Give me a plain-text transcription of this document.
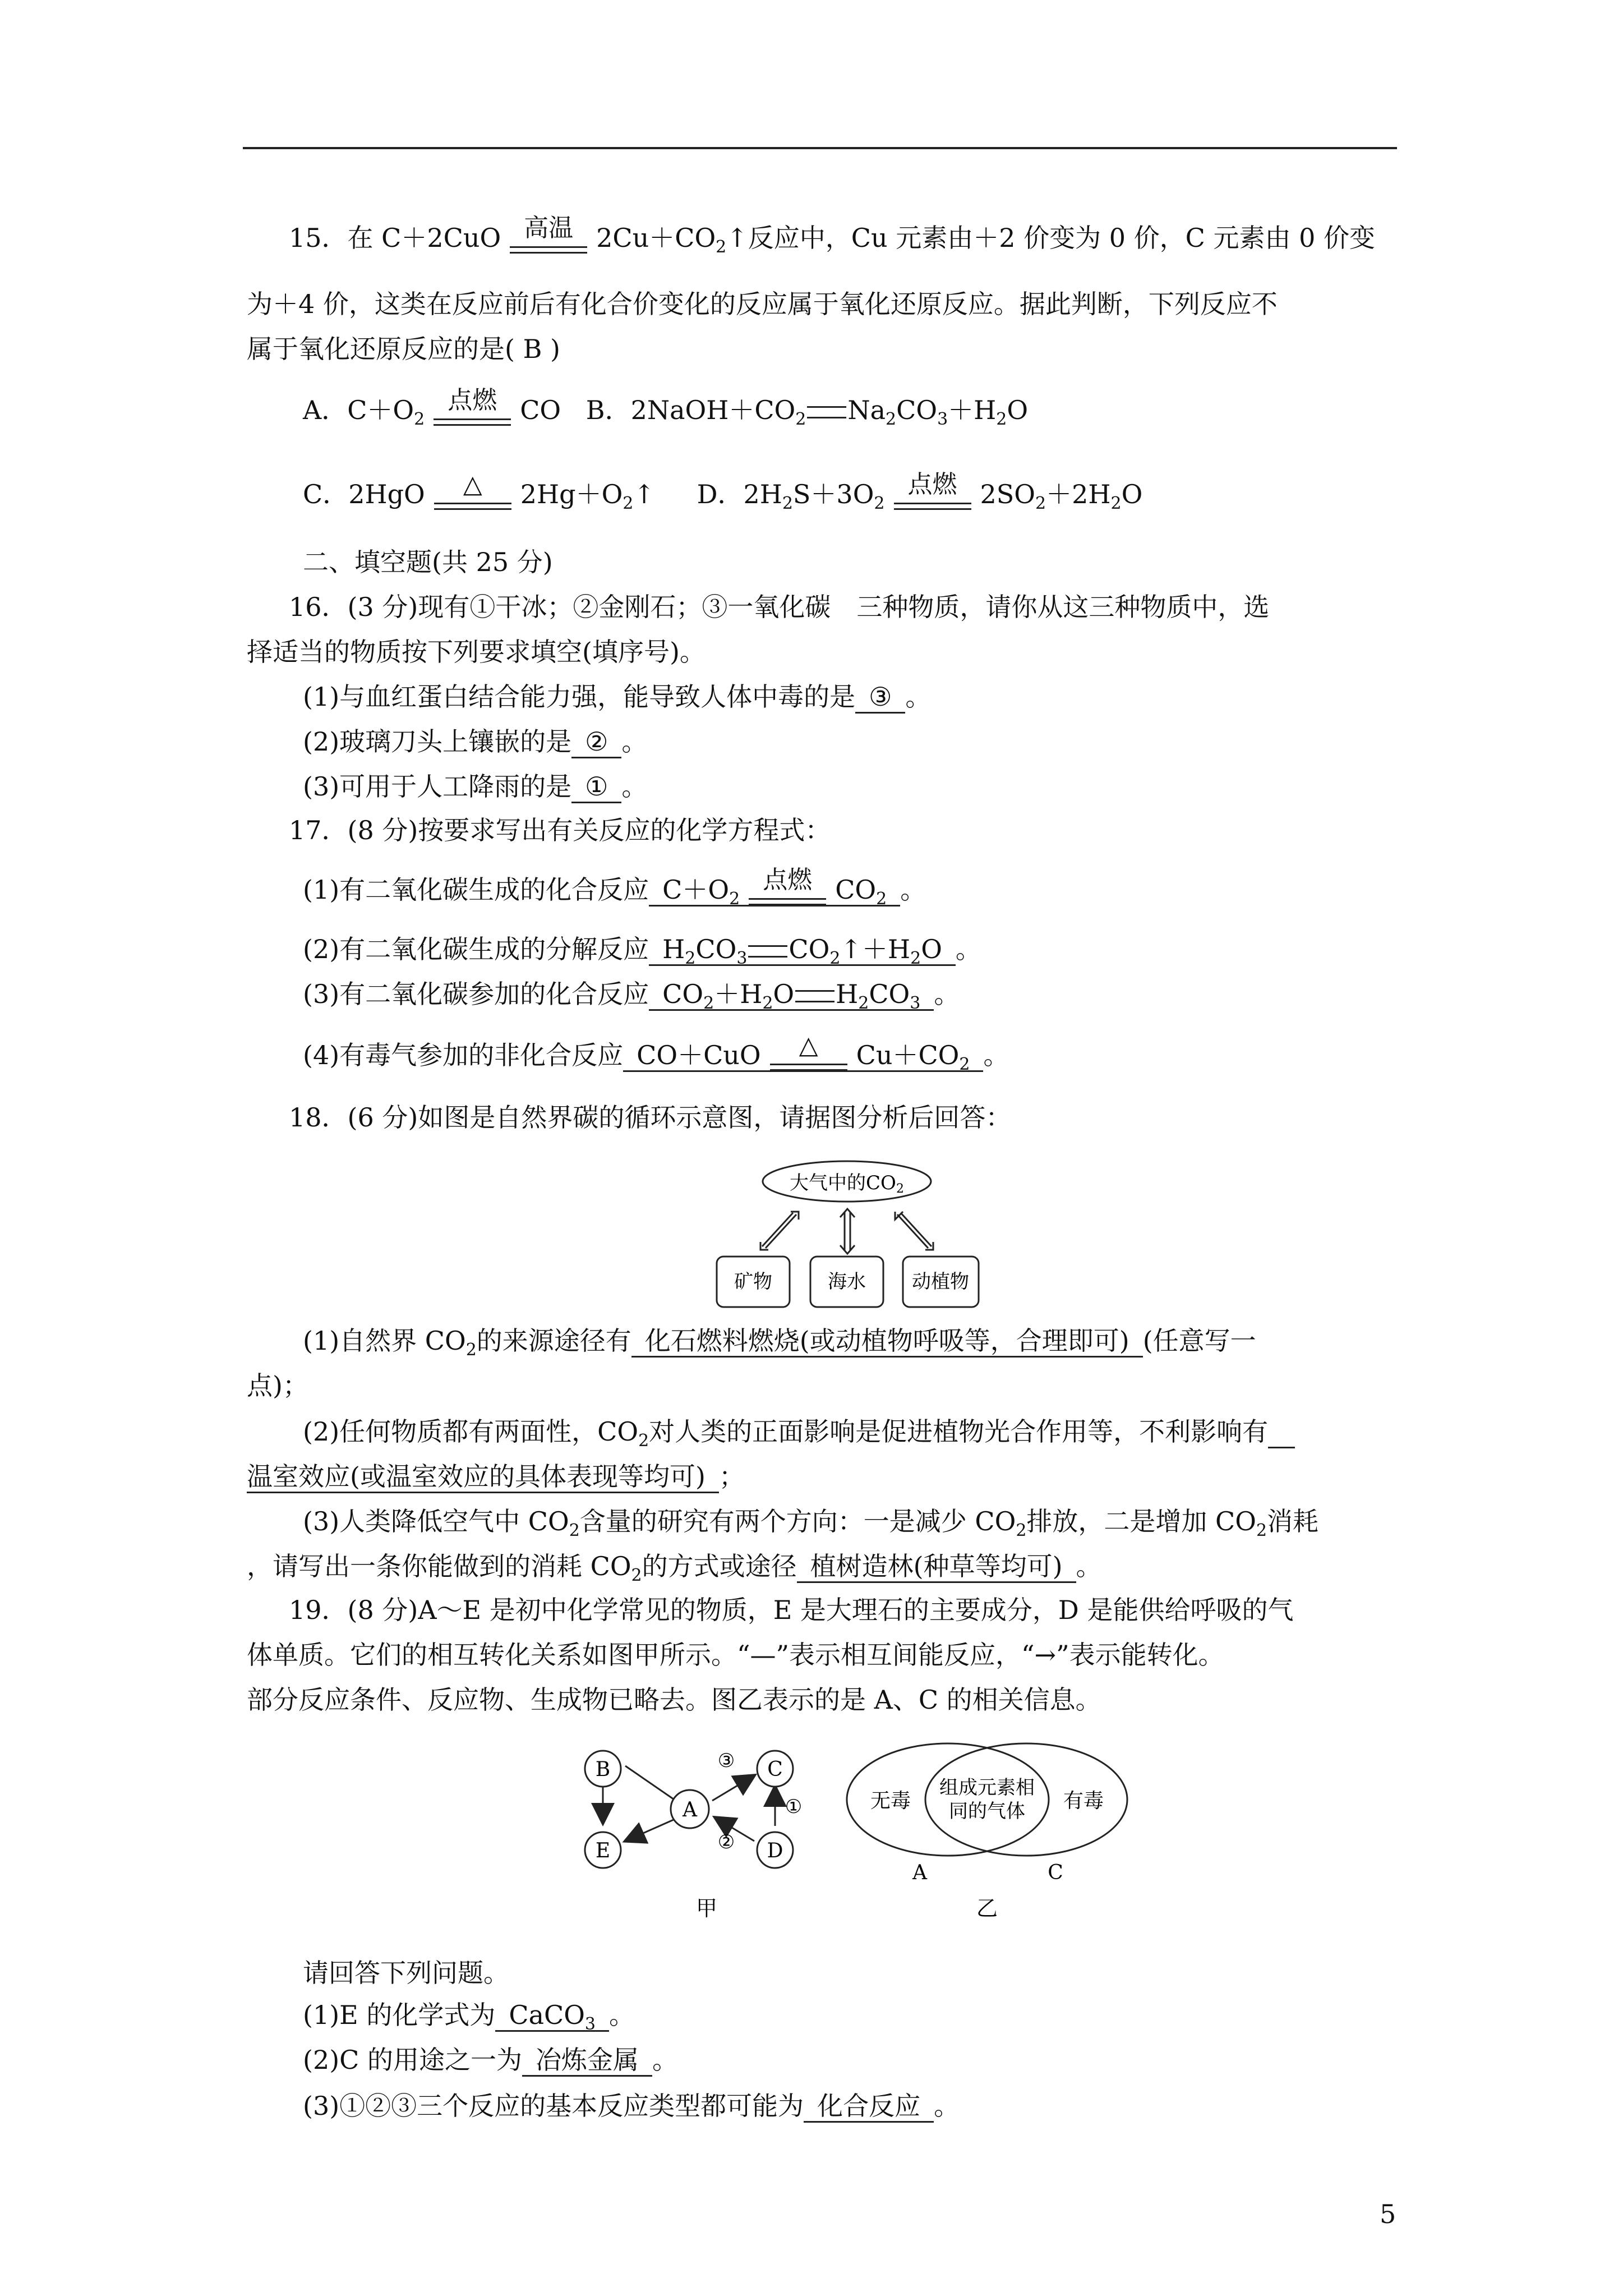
15．在 C＋2CuO 高温 $2Cu+CO_2↑$反应中，Cu 元素由＋2 价变为 0 价，C 元素由 0 价变
为＋4 价，这类在反应前后有化合价变化的反应属于氧化还原反应。据此判断，下列反应不
属于氧化还原反应的是( B )
A．$C+O_2$
点燃 CO B．$2NaOH+CO_2$ $Na_2CO_3+H_2O$
C．2HgO	△	$2Hg+O_2↑$ D．$2H_2S+3O_2$
点燃 $2SO_2+2H_2O$
二、填空题(共 25 分)
16．(3 分)现有①干冰；②金刚石；③一氧化碳　三种物质，请你从这三种物质中，选
择适当的物质按下列要求填空(填序号)。
(1)与血红蛋白结合能力强，能导致人体中毒的是 ③ 。
(2)玻璃刀头上镶嵌的是 ② 。
(3)可用于人工降雨的是 ① 。
17．(8 分)按要求写出有关反应的化学方程式：
(1)有二氧化碳生成的化合反应 $C+O_2$
点燃 $CO_2$ 。
(2)有二氧化碳生成的分解反应 $H_2CO_3$ $CO_2↑+H_2O$ 。
(3)有二氧化碳参加的化合反应 $CO_2+H_2O$ $H_2CO_3$ 。
(4)有毒气参加的非化合反应 CO＋CuO	△	$Cu+CO_2$ 。
18．(6 分)如图是自然界碳的循环示意图，请据图分析后回答：
大气中的CO2
矿物	海水 动植物
(1)自然界 $CO_2$的来源途径有 化石燃料燃烧(或动植物呼吸等，合理即可) (任意写一
点)；
(2)任何物质都有两面性，$CO_2$对人类的正面影响是促进植物光合作用等，不利影响有
温室效应(或温室效应的具体表现等均可) ；
(3)人类降低空气中 $CO_2$含量的研究有两个方向：一是减少 $CO_2$排放，二是增加 $CO_2$消耗
，请写出一条你能做到的消耗 $CO_2$的方式或途径 植树造林(种草等均可) 。
19．(8 分)A～E 是初中化学常见的物质，E 是大理石的主要成分，D 是能供给呼吸的气
体单质。它们的相互转化关系如图甲所示。“—”表示相互间能反应，“→”表示能转化。
部分反应条件、反应物、生成物已略去。图乙表示的是 A、C 的相关信息。
B
A
C
E	D
③
②
①
甲
无毒
组成元素相
同的气体 有毒
A	C
乙
请回答下列问题。
(1)E 的化学式为 CaCO$_3$ 。
(2)C 的用途之一为 冶炼金属 。
(3)①②③三个反应的基本反应类型都可能为 化合反应 。
5
